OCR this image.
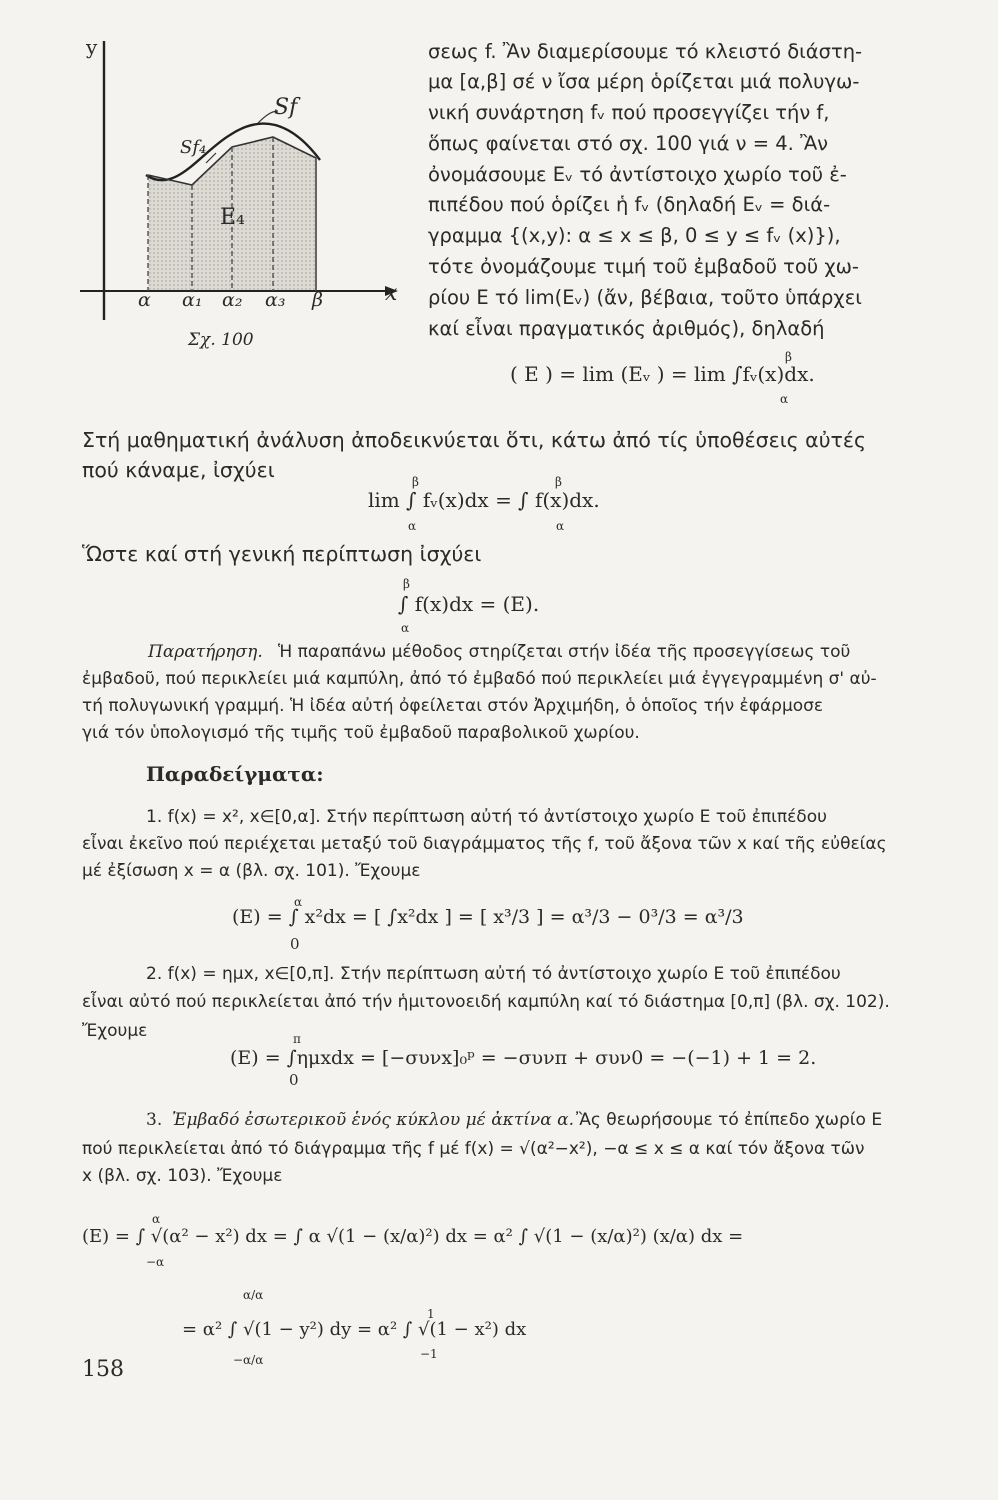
y
x
Sf
Sf₄
E₄
α α₁ α₂ α₃ β
Σχ. 100
σεως f. Ἂν διαμερίσουμε τό κλειστό διάστη-
μα [α,β] σέ ν ἴσα μέρη ὁρίζεται μιά πολυγω-
νική συνάρτηση fᵥ πού προσεγγίζει τήν f,
ὅπως φαίνεται στό σχ. 100 γιά ν = 4. Ἂν
ὀνομάσουμε Eᵥ τό ἀντίστοιχο χωρίο τοῦ ἐ-
πιπέδου πού ὁρίζει ἡ fᵥ (δηλαδή Eᵥ = διά-
γραμμα {(x,y): α ≤ x ≤ β, 0 ≤ y ≤ fᵥ (x)}),
τότε ὀνομάζουμε τιμή τοῦ ἐμβαδοῦ τοῦ χω-
ρίου E τό lim(Eᵥ) (ἄν, βέβαια, τοῦτο ὑπάρχει
καί εἶναι πραγματικός ἀριθμός), δηλαδή
β
( E ) = lim (Eᵥ ) = lim ∫fᵥ(x)dx.
α
Στή μαθηματική ἀνάλυση ἀποδεικνύεται ὅτι, κάτω ἀπό τίς ὑποθέσεις αὐτές
πού κάναμε, ἰσχύει	β	β
lim ∫ fᵥ(x)dx = ∫ f(x)dx.
α	α
Ὥστε καί στή γενική περίπτωση ἰσχύει
β
∫ f(x)dx = (E).
α
Παρατήρηση. Ἡ παραπάνω μέθοδος στηρίζεται στήν ἰδέα τῆς προσεγγίσεως τοῦ
ἐμβαδοῦ, πού περικλείει μιά καμπύλη, ἀπό τό ἐμβαδό πού περικλείει μιά ἐγγεγραμμένη σ' αὐ-
τή πολυγωνική γραμμή. Ἡ ἰδέα αὐτή ὀφείλεται στόν Ἀρχιμήδη, ὁ ὁποῖος τήν ἐφάρμοσε
γιά τόν ὑπολογισμό τῆς τιμῆς τοῦ ἐμβαδοῦ παραβολικοῦ χωρίου.
Παραδείγματα:
1. f(x) = x², x∈[0,α]. Στήν περίπτωση αὐτή τό ἀντίστοιχο χωρίο E τοῦ ἐπιπέδου
εἶναι ἐκεῖνο πού περιέχεται μεταξύ τοῦ διαγράμματος τῆς f, τοῦ ἄξονα τῶν x καί τῆς εὐθείας
μέ ἐξίσωση x = α (βλ. σχ. 101). Ἔχουμε
α
(E) = ∫ x²dx = [ ∫x²dx ] = [ x³/3 ] = α³/3 − 0³/3 = α³/3
0
2. f(x) = ημx, x∈[0,π]. Στήν περίπτωση αὐτή τό ἀντίστοιχο χωρίο E τοῦ ἐπιπέδου
εἶναι αὐτό πού περικλείεται ἀπό τήν ἡμιτονοειδή καμπύλη καί τό διάστημα [0,π] (βλ. σχ. 102).
Ἔχουμε	π
(E) = ∫ημxdx = [−συνx]₀ᵖ = −συνπ + συν0 = −(−1) + 1 = 2.
0
3. Ἐμβαδό ἐσωτερικοῦ ἑνός κύκλου μέ ἀκτίνα α. Ἂς θεωρήσουμε τό ἐπίπεδο χωρίο E
πού περικλείεται ἀπό τό διάγραμμα τῆς f μέ f(x) = √(α²−x²), −α ≤ x ≤ α καί τόν ἄξονα τῶν
x (βλ. σχ. 103). Ἔχουμε
α
(E) = ∫ √(α² − x²) dx = ∫ α √(1 − (x/α)²) dx = α² ∫ √(1 − (x/α)²) (x/α) dx =
−α
α/α
1
= α² ∫ √(1 − y²) dy = α² ∫ √(1 − x²) dx
−α/α	−1
158
